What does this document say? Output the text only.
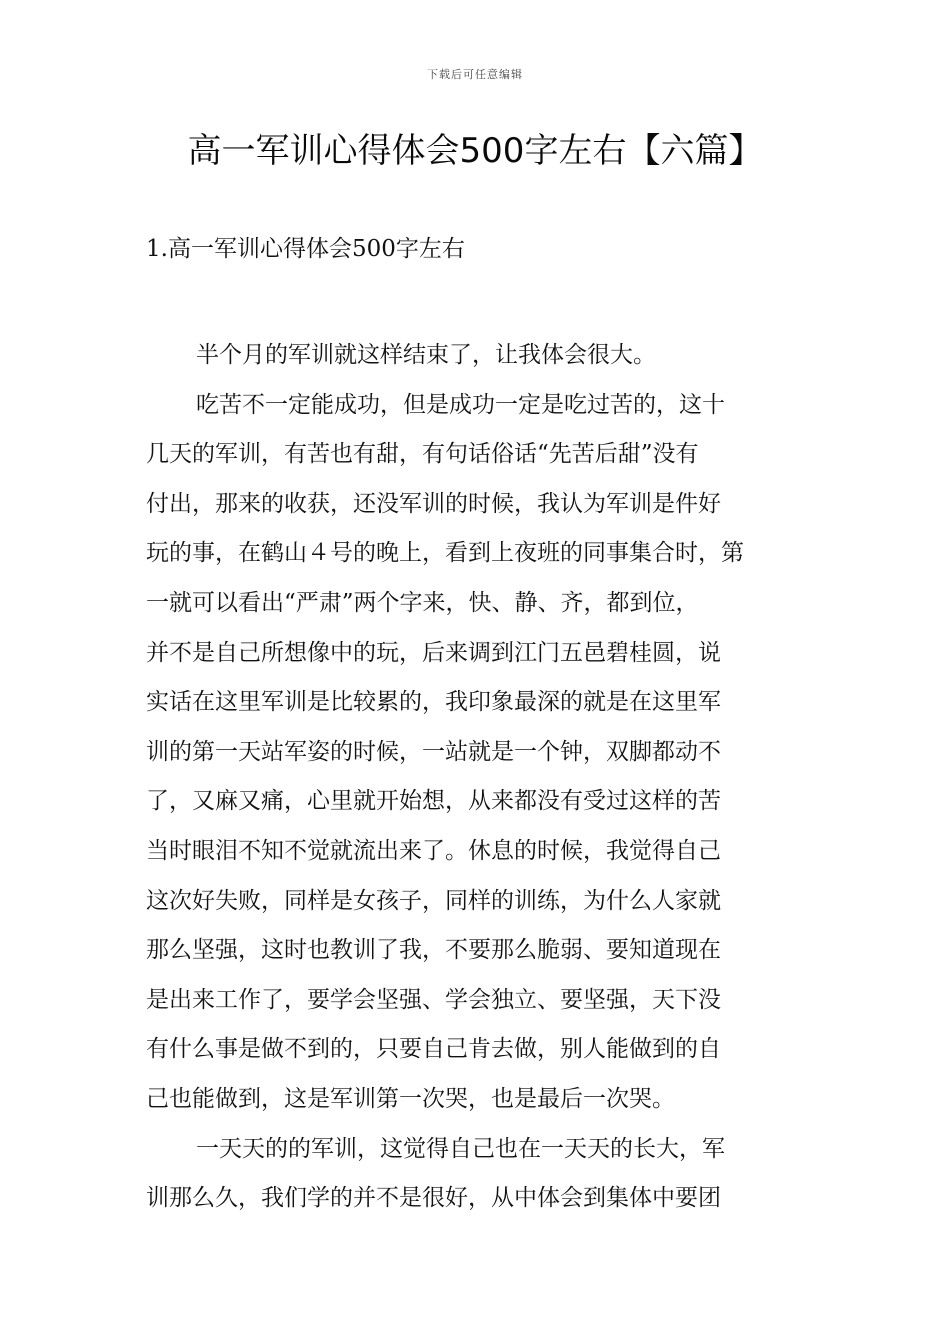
下载后可任意编辑
高一军训心得体会500字左右【六篇】
1.高一军训心得体会500字左右
半个月的军训就这样结束了，让我体会很大。
吃苦不一定能成功，但是成功一定是吃过苦的，这十
几天的军训，有苦也有甜，有句话俗话“先苦后甜”没有
付出，那来的收获，还没军训的时候，我认为军训是件好
玩的事，在鹤山４号的晚上，看到上夜班的同事集合时，第
一就可以看出“严肃”两个字来，快、静、齐，都到位，
并不是自己所想像中的玩，后来调到江门五邑碧桂圆，说
实话在这里军训是比较累的，我印象最深的就是在这里军
训的第一天站军姿的时候，一站就是一个钟，双脚都动不
了，又麻又痛，心里就开始想，从来都没有受过这样的苦
当时眼泪不知不觉就流出来了。休息的时候，我觉得自己
这次好失败，同样是女孩子，同样的训练，为什么人家就
那么坚强，这时也教训了我，不要那么脆弱、要知道现在
是出来工作了，要学会坚强、学会独立、要坚强，天下没
有什么事是做不到的，只要自己肯去做，别人能做到的自
己也能做到，这是军训第一次哭，也是最后一次哭。
一天天的的军训，这觉得自己也在一天天的长大，军
训那么久，我们学的并不是很好，从中体会到集体中要团
